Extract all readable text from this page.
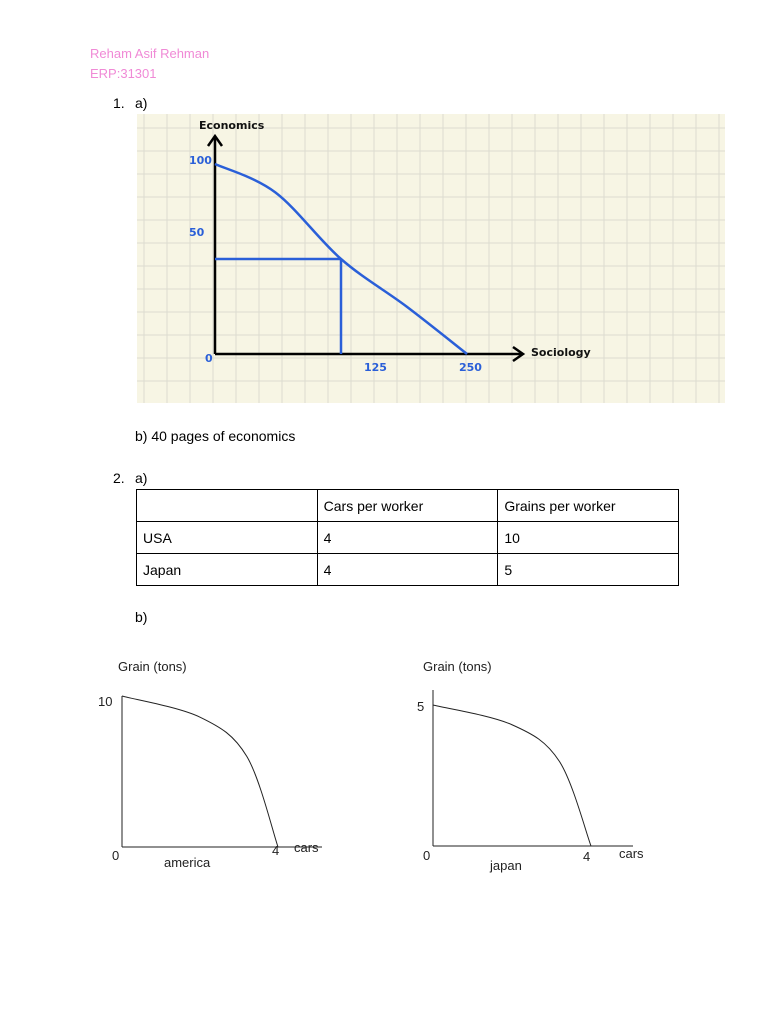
Reham Asif Rehman
ERP:31301
1. a)
Economics
Sociology
0
100
50
125	250
b) 40 pages of economics
2. a)
	Cars per worker	Grains per worker
USA	4	10
Japan	4	5
b)
Grain (tons)
10
0	4 cars
america
Grain (tons)
5
0	4 cars
japan
